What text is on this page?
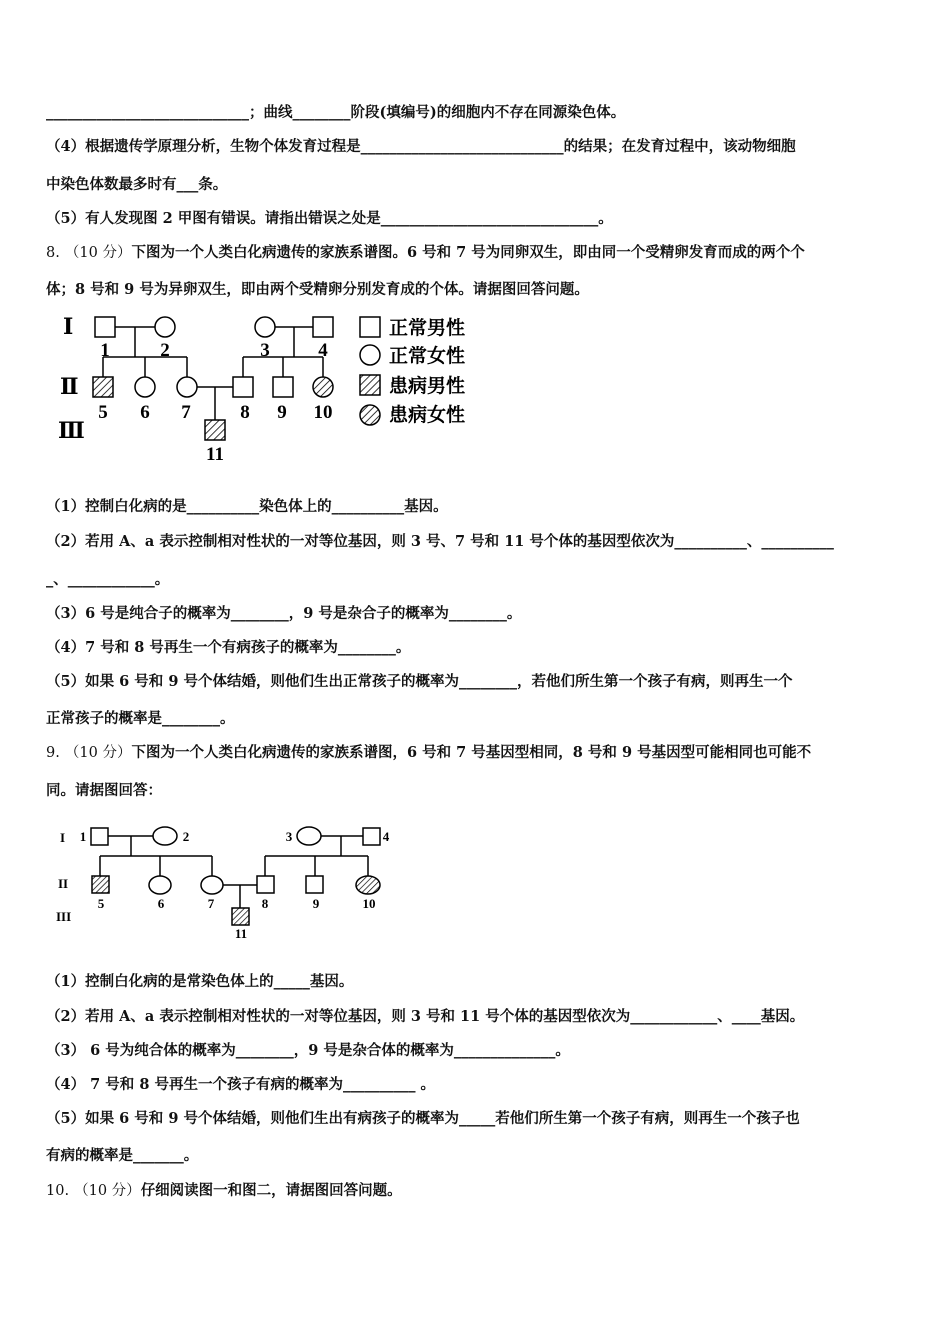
____________________________；曲线________阶段(填编号)的细胞内不存在同源染色体。
（4）根据遗传学原理分析，生物个体发育过程是____________________________的结果；在发育过程中，该动物细胞
中染色体数最多时有___条。
（5）有人发现图 2 甲图有错误。请指出错误之处是______________________________。
8. （10 分）下图为一个人类白化病遗传的家族系谱图。6 号和 7 号为同卵双生，即由同一个受精卵发育而成的两个个
体；8 号和 9 号为异卵双生，即由两个受精卵分别发育成的个体。请据图回答问题。
Ⅰ
Ⅱ
Ⅲ
1	2	3	4
5 6 7	8 9 10
11
正常男性
正常女性
患病男性
患病女性
（1）控制白化病的是__________染色体上的__________基因。
（2）若用 A、a 表示控制相对性状的一对等位基因，则 3 号、7 号和 11 号个体的基因型依次为__________、__________
_、____________。
（3）6 号是纯合子的概率为________，9 号是杂合子的概率为________。
（4）7 号和 8 号再生一个有病孩子的概率为________。
（5）如果 6 号和 9 号个体结婚，则他们生出正常孩子的概率为________，若他们所生第一个孩子有病，则再生一个
正常孩子的概率是________。
9. （10 分）下图为一个人类白化病遗传的家族系谱图，6 号和 7 号基因型相同，8 号和 9 号基因型可能相同也可能不
同。请据图回答：
I
II
III
1	2	3	4
5	6	7	8	9	10
11
（1）控制白化病的是常染色体上的_____基因。
（2）若用 A、a 表示控制相对性状的一对等位基因，则 3 号和 11 号个体的基因型依次为____________、____基因。
（3） 6 号为纯合体的概率为________，9 号是杂合体的概率为______________。
（4） 7 号和 8 号再生一个孩子有病的概率为__________ 。
（5）如果 6 号和 9 号个体结婚，则他们生出有病孩子的概率为_____若他们所生第一个孩子有病，则再生一个孩子也
有病的概率是_______。
10. （10 分）仔细阅读图一和图二，请据图回答问题。
